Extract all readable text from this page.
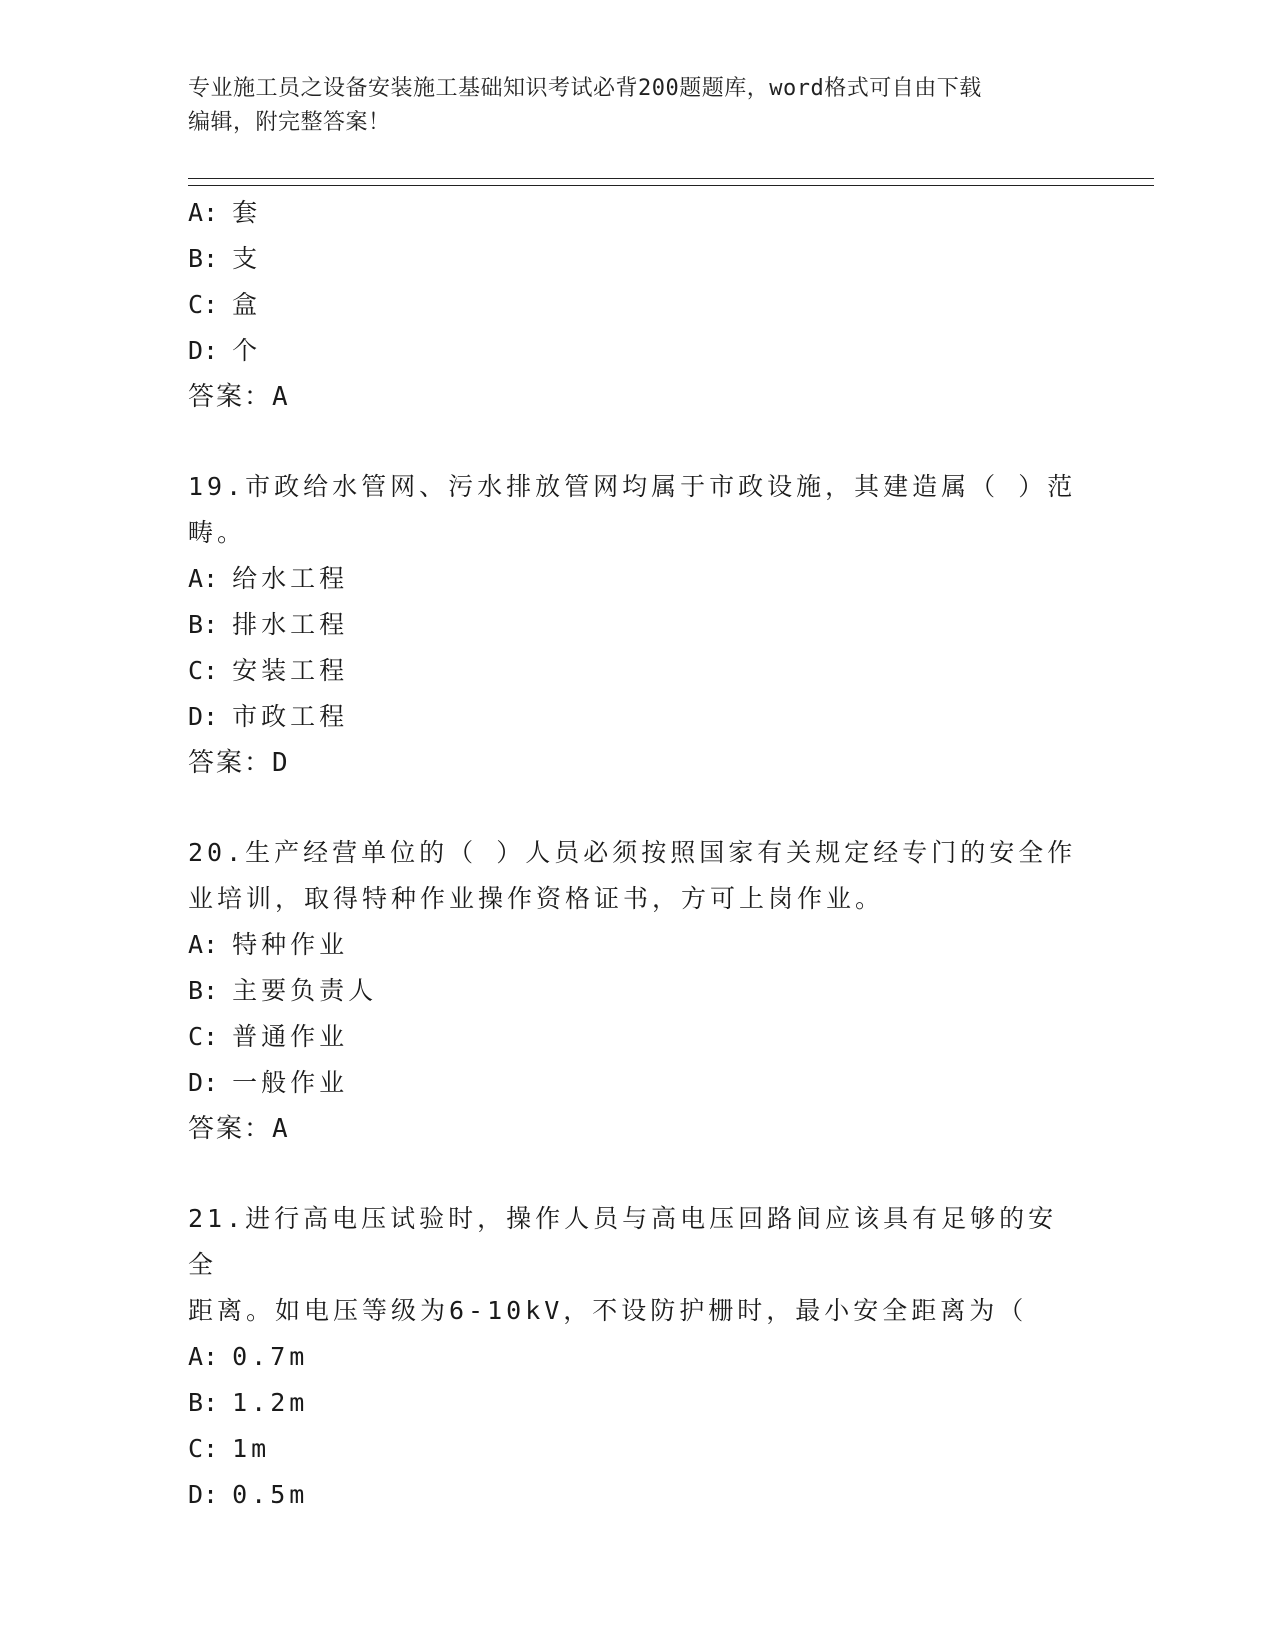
专业施工员之设备安装施工基础知识考试必背200题题库，word格式可自由下载
编辑，附完整答案！
A: 套
B: 支
C: 盒
D: 个
答案：A
19.市政给水管网、污水排放管网均属于市政设施，其建造属（ ）范
畴。
A: 给水工程
B: 排水工程
C: 安装工程
D: 市政工程
答案：D
20.生产经营单位的（ ）人员必须按照国家有关规定经专门的安全作
业培训，取得特种作业操作资格证书，方可上岗作业。
A: 特种作业
B: 主要负责人
C: 普通作业
D: 一般作业
答案：A
21.进行高电压试验时，操作人员与高电压回路间应该具有足够的安全
距离。如电压等级为6-10kV，不设防护栅时，最小安全距离为（
A: 0.7m
B: 1.2m
C: 1m
D: 0.5m
